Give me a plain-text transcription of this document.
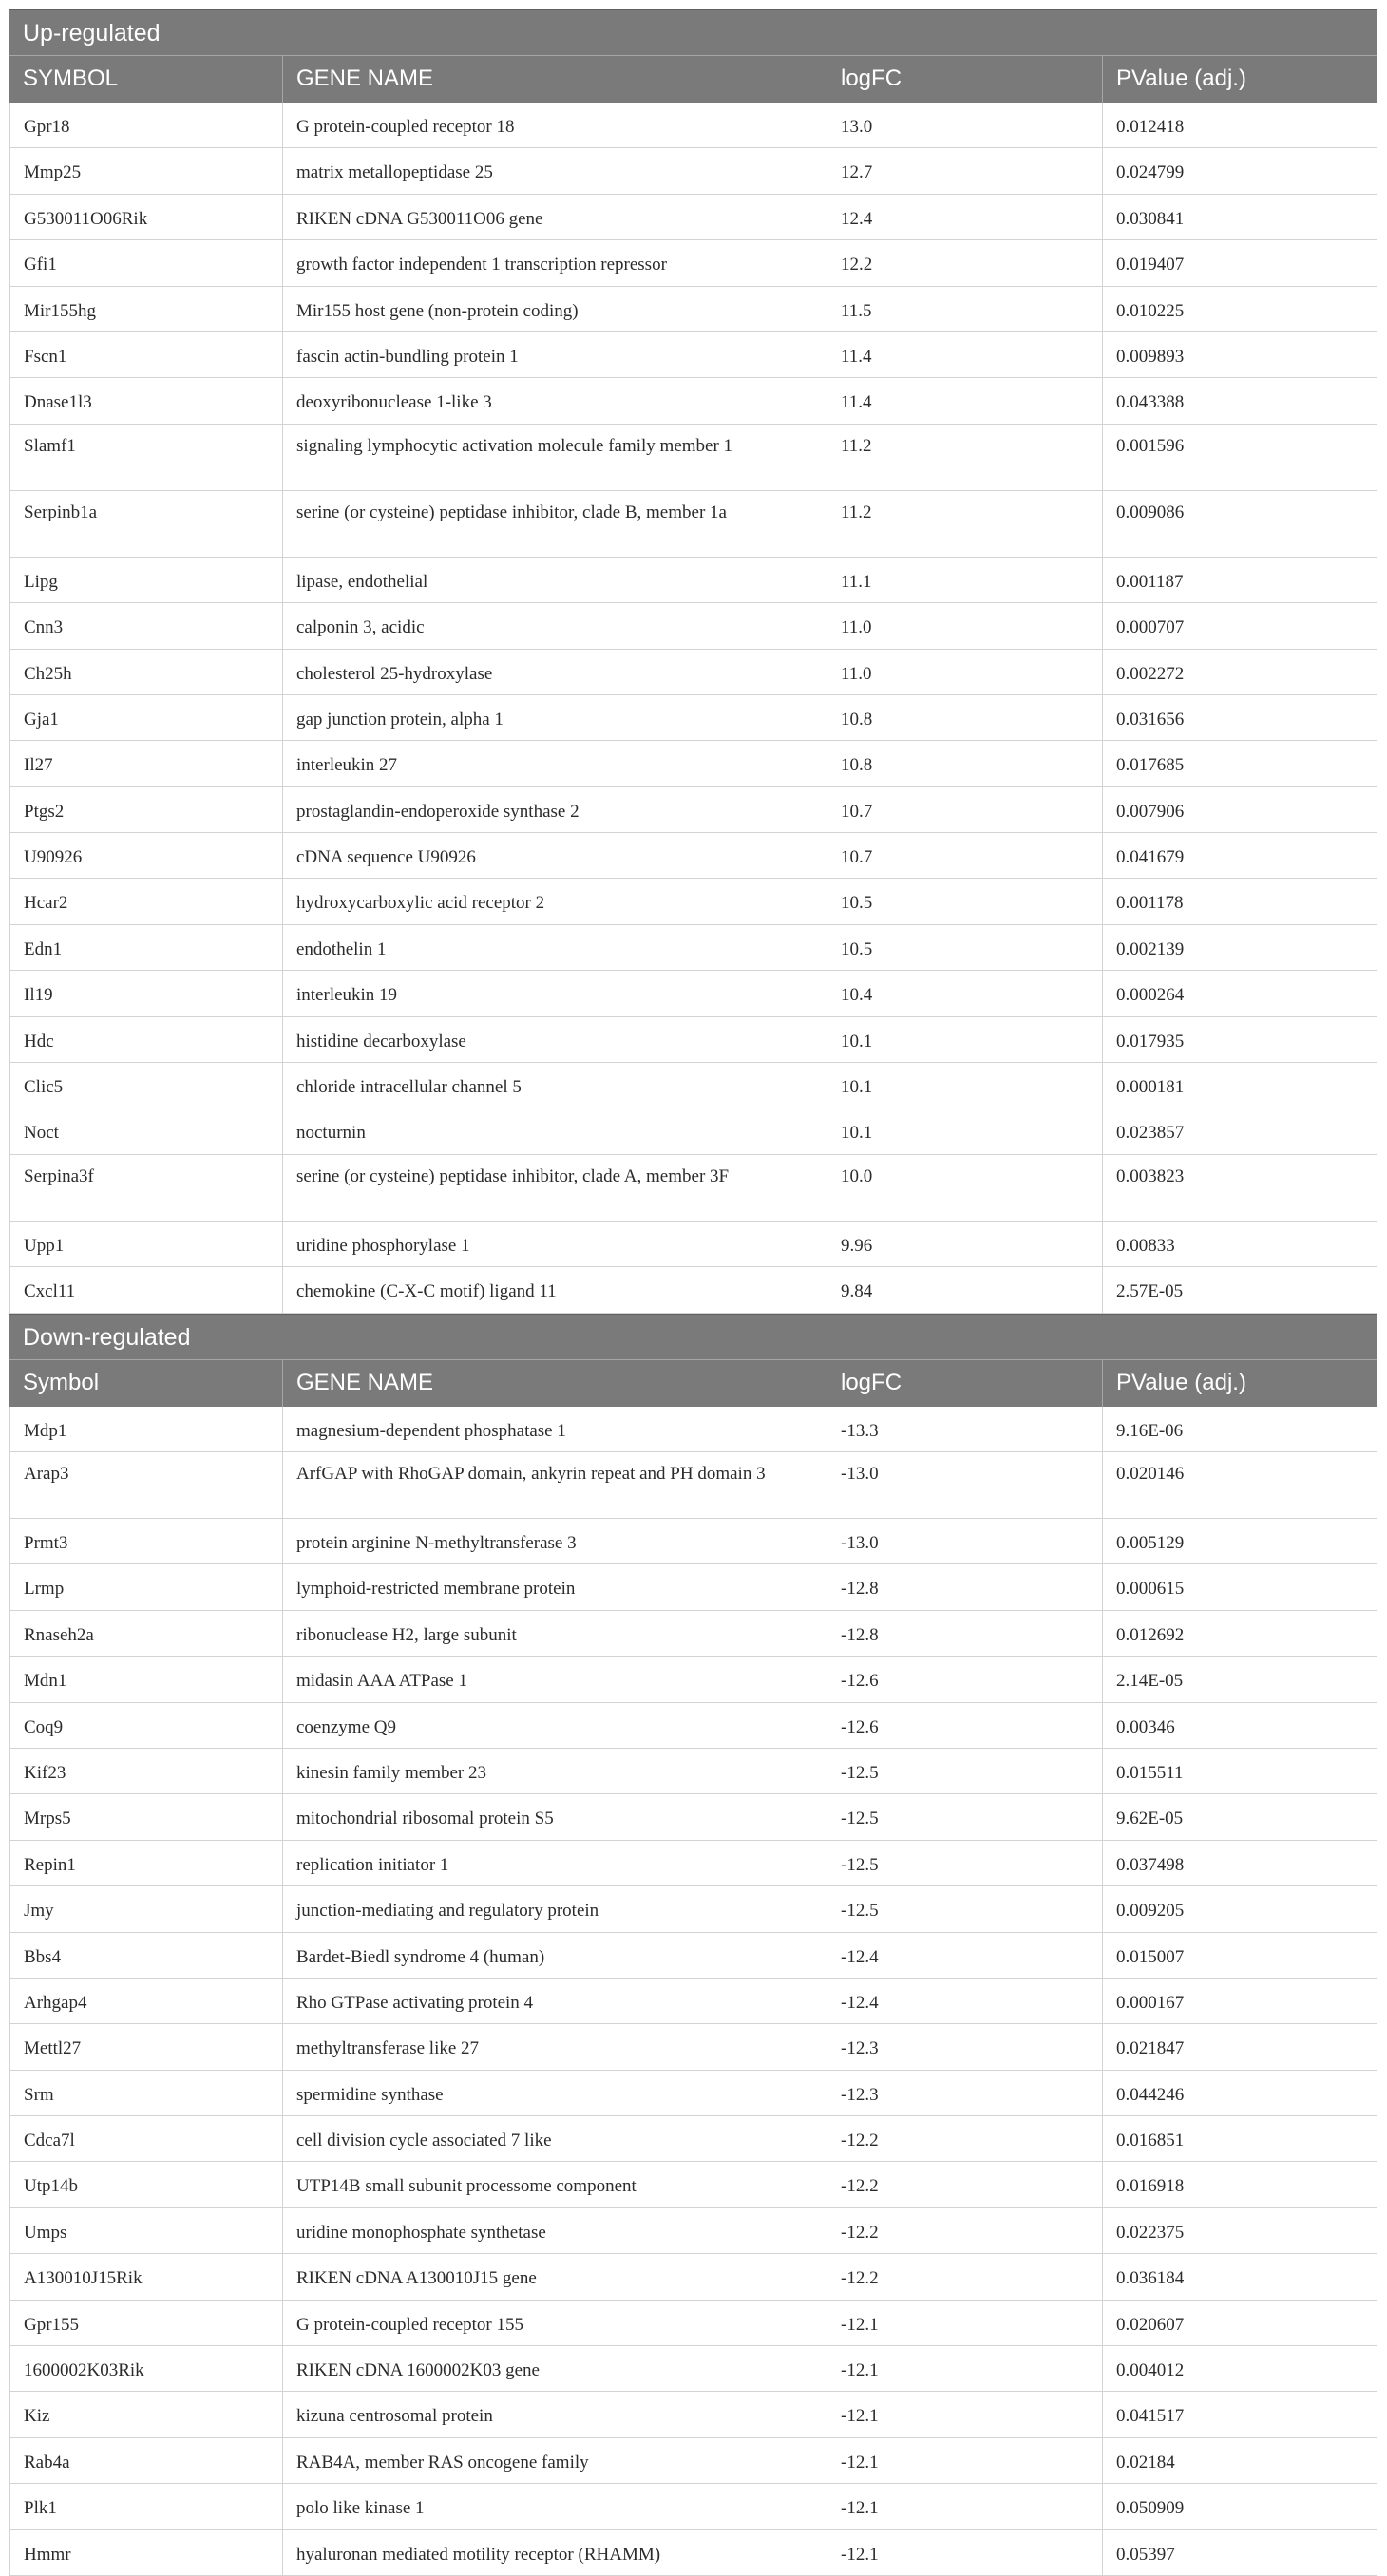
Up-regulated
SYMBOL	GENE NAME	logFC	PValue (adj.)
Gpr18	G protein-coupled receptor 18	13.0	0.012418
Mmp25	matrix metallopeptidase 25	12.7	0.024799
G530011O06Rik	RIKEN cDNA G530011O06 gene	12.4	0.030841
Gfi1	growth factor independent 1 transcription repressor	12.2	0.019407
Mir155hg	Mir155 host gene (non-protein coding)	11.5	0.010225
Fscn1	fascin actin-bundling protein 1	11.4	0.009893
Dnase1l3	deoxyribonuclease 1-like 3	11.4	0.043388
Slamf1	signaling lymphocytic activation molecule family member 1	11.2	0.001596
Serpinb1a	serine (or cysteine) peptidase inhibitor, clade B, member 1a	11.2	0.009086
Lipg	lipase, endothelial	11.1	0.001187
Cnn3	calponin 3, acidic	11.0	0.000707
Ch25h	cholesterol 25-hydroxylase	11.0	0.002272
Gja1	gap junction protein, alpha 1	10.8	0.031656
Il27	interleukin 27	10.8	0.017685
Ptgs2	prostaglandin-endoperoxide synthase 2	10.7	0.007906
U90926	cDNA sequence U90926	10.7	0.041679
Hcar2	hydroxycarboxylic acid receptor 2	10.5	0.001178
Edn1	endothelin 1	10.5	0.002139
Il19	interleukin 19	10.4	0.000264
Hdc	histidine decarboxylase	10.1	0.017935
Clic5	chloride intracellular channel 5	10.1	0.000181
Noct	nocturnin	10.1	0.023857
Serpina3f	serine (or cysteine) peptidase inhibitor, clade A, member 3F	10.0	0.003823
Upp1	uridine phosphorylase 1	9.96	0.00833
Cxcl11	chemokine (C-X-C motif) ligand 11	9.84	2.57E-05
Down-regulated
Symbol	GENE NAME	logFC	PValue (adj.)
Mdp1	magnesium-dependent phosphatase 1	-13.3	9.16E-06
Arap3	ArfGAP with RhoGAP domain, ankyrin repeat and PH domain 3	-13.0	0.020146
Prmt3	protein arginine N-methyltransferase 3	-13.0	0.005129
Lrmp	lymphoid-restricted membrane protein	-12.8	0.000615
Rnaseh2a	ribonuclease H2, large subunit	-12.8	0.012692
Mdn1	midasin AAA ATPase 1	-12.6	2.14E-05
Coq9	coenzyme Q9	-12.6	0.00346
Kif23	kinesin family member 23	-12.5	0.015511
Mrps5	mitochondrial ribosomal protein S5	-12.5	9.62E-05
Repin1	replication initiator 1	-12.5	0.037498
Jmy	junction-mediating and regulatory protein	-12.5	0.009205
Bbs4	Bardet-Biedl syndrome 4 (human)	-12.4	0.015007
Arhgap4	Rho GTPase activating protein 4	-12.4	0.000167
Mettl27	methyltransferase like 27	-12.3	0.021847
Srm	spermidine synthase	-12.3	0.044246
Cdca7l	cell division cycle associated 7 like	-12.2	0.016851
Utp14b	UTP14B small subunit processome component	-12.2	0.016918
Umps	uridine monophosphate synthetase	-12.2	0.022375
A130010J15Rik	RIKEN cDNA A130010J15 gene	-12.2	0.036184
Gpr155	G protein-coupled receptor 155	-12.1	0.020607
1600002K03Rik	RIKEN cDNA 1600002K03 gene	-12.1	0.004012
Kiz	kizuna centrosomal protein	-12.1	0.041517
Rab4a	RAB4A, member RAS oncogene family	-12.1	0.02184
Plk1	polo like kinase 1	-12.1	0.050909
Hmmr	hyaluronan mediated motility receptor (RHAMM)	-12.1	0.05397
